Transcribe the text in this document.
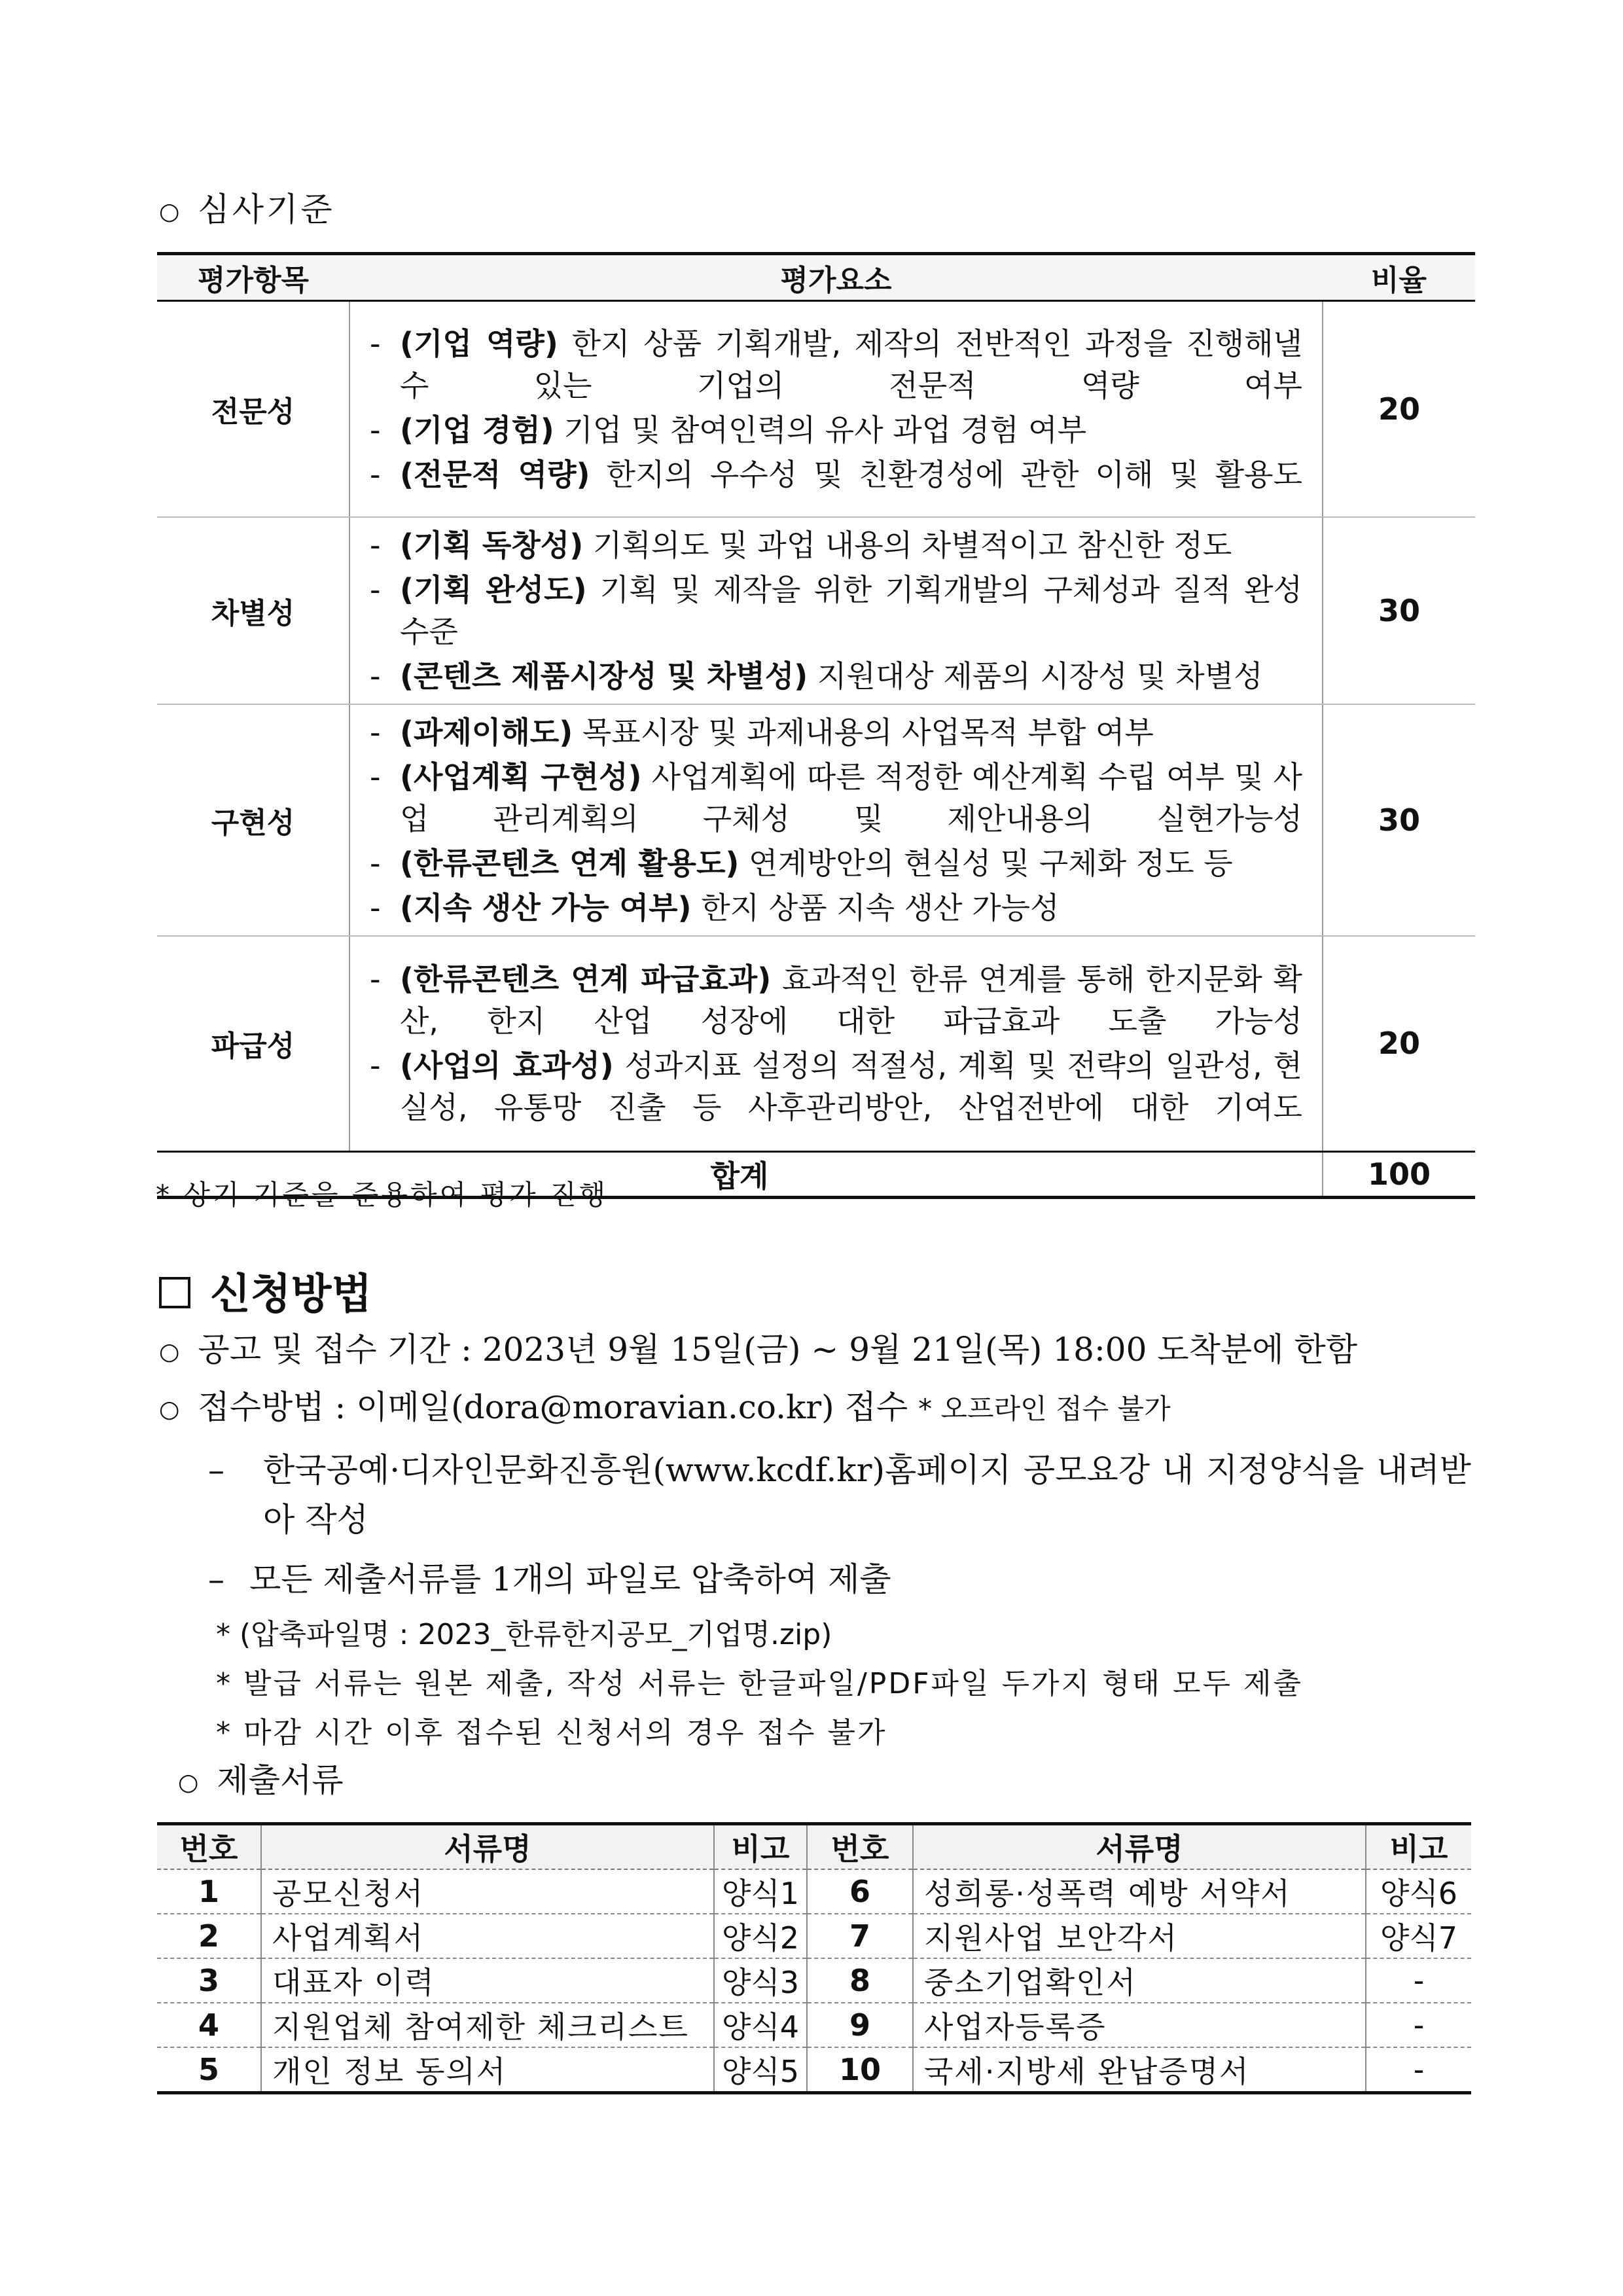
○ 심사기준
평가항목	평가요소	비율
전문성	- (기업 역량) 한지 상품 기획개발, 제작의 전반적인 과정을 진행해낼 수 있는 기업의 전문적 역량 여부
- (기업 경험) 기업 및 참여인력의 유사 과업 경험 여부
- (전문적 역량) 한지의 우수성 및 친환경성에 관한 이해 및 활용도	20
차별성	- (기획 독창성) 기획의도 및 과업 내용의 차별적이고 참신한 정도
- (기획 완성도) 기획 및 제작을 위한 기획개발의 구체성과 질적 완성 수준
- (콘텐츠 제품시장성 및 차별성) 지원대상 제품의 시장성 및 차별성	30
구현성	- (과제이해도) 목표시장 및 과제내용의 사업목적 부합 여부
- (사업계획 구현성) 사업계획에 따른 적정한 예산계획 수립 여부 및 사업 관리계획의 구체성 및 제안내용의 실현가능성
- (한류콘텐츠 연계 활용도) 연계방안의 현실성 및 구체화 정도 등
- (지속 생산 가능 여부) 한지 상품 지속 생산 가능성	30
파급성	- (한류콘텐츠 연계 파급효과) 효과적인 한류 연계를 통해 한지문화 확산, 한지 산업 성장에 대한 파급효과 도출 가능성
- (사업의 효과성) 성과지표 설정의 적절성, 계획 및 전략의 일관성, 현실성, 유통망 진출 등 사후관리방안, 산업전반에 대한 기여도	20
합계		100
* 상기 기준을 준용하여 평가 진행
신청방법
○ 공고 및 접수 기간 : 2023년 9월 15일(금) ~ 9월 21일(목) 18:00 도착분에 한함
○ 접수방법 : 이메일(dora@moravian.co.kr) 접수 * 오프라인 접수 불가
–	한국공예·디자인문화진흥원(www.kcdf.kr)홈페이지 공모요강 내 지정양식을 내려받아 작성
– 모든 제출서류를 1개의 파일로 압축하여 제출
* (압축파일명 : 2023_한류한지공모_기업명.zip)
* 발급 서류는 원본 제출, 작성 서류는 한글파일/PDF파일 두가지 형태 모두 제출
* 마감 시간 이후 접수된 신청서의 경우 접수 불가
○ 제출서류
번호	서류명	비고	번호	서류명	비고
1	공모신청서	양식1	6	성희롱·성폭력 예방 서약서	양식6
2	사업계획서	양식2	7	지원사업 보안각서	양식7
3	대표자 이력	양식3	8	중소기업확인서	-
4	지원업체 참여제한 체크리스트	양식4	9	사업자등록증	-
5	개인 정보 동의서	양식5	10	국세·지방세 완납증명서	-
